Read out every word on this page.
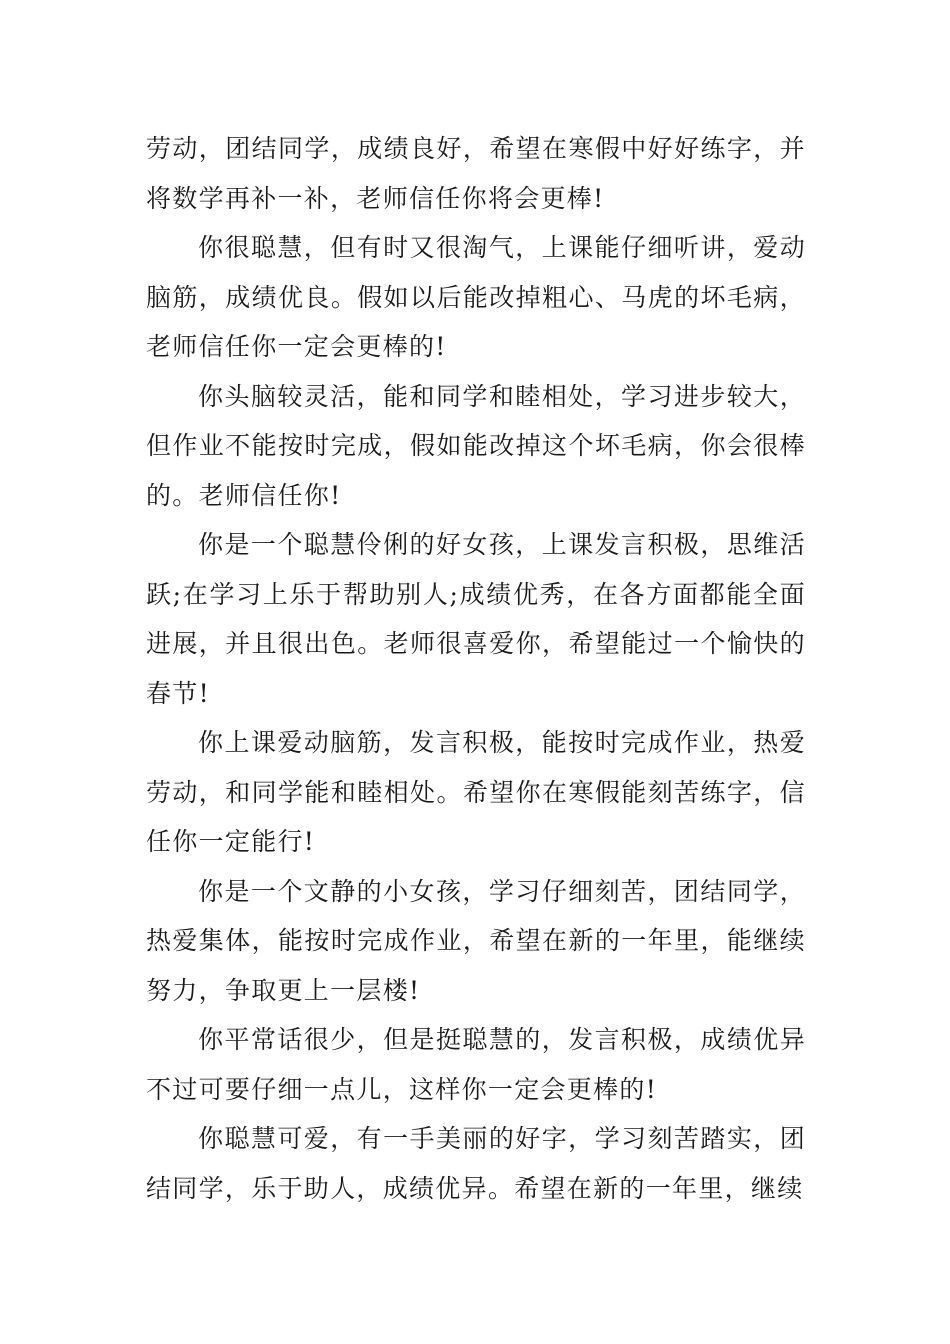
劳动，团结同学，成绩良好，希望在寒假中好好练字，并将数学再补一补，老师信任你将会更棒!

你很聪慧，但有时又很淘气，上课能仔细听讲，爱动脑筋，成绩优良。假如以后能改掉粗心、马虎的坏毛病，老师信任你一定会更棒的!

你头脑较灵活，能和同学和睦相处，学习进步较大，但作业不能按时完成，假如能改掉这个坏毛病，你会很棒的。老师信任你!

你是一个聪慧伶俐的好女孩，上课发言积极，思维活跃;在学习上乐于帮助别人;成绩优秀，在各方面都能全面进展，并且很出色。老师很喜爱你，希望能过一个愉快的春节!

你上课爱动脑筋，发言积极，能按时完成作业，热爱劳动，和同学能和睦相处。希望你在寒假能刻苦练字，信任你一定能行!

你是一个文静的小女孩，学习仔细刻苦，团结同学，热爱集体，能按时完成作业，希望在新的一年里，能继续努力，争取更上一层楼!

你平常话很少，但是挺聪慧的，发言积极，成绩优异不过可要仔细一点儿，这样你一定会更棒的!

你聪慧可爱，有一手美丽的好字，学习刻苦踏实，团结同学，乐于助人，成绩优异。希望在新的一年里，继续
